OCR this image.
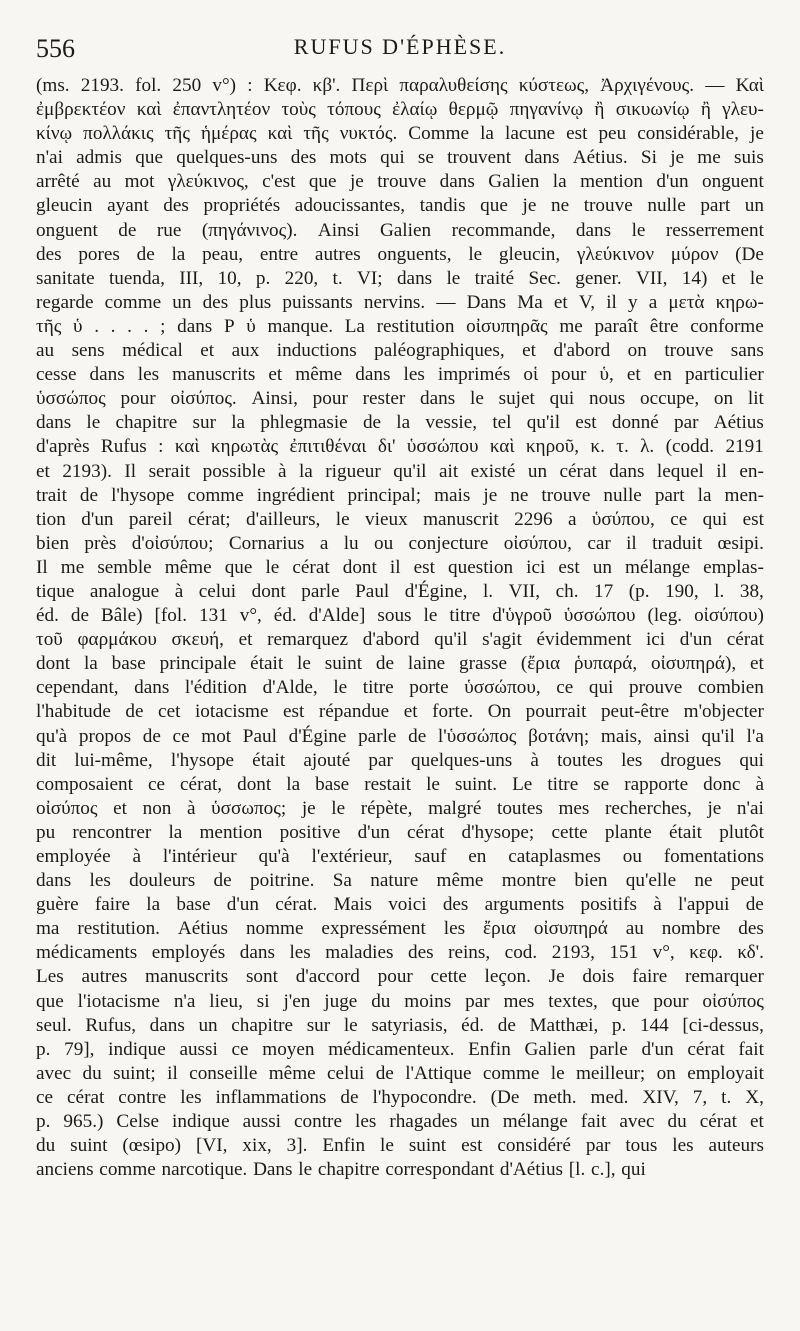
556	RUFUS D'ÉPHÈSE.
(ms. 2193. fol. 250 v°) : Κεφ. κβ'. Περὶ παραλυθείσης κύστεως, Ἀρχιγένους. — Καὶ
ἐμβρεκτέον καὶ ἐπαντλητέον τοὺς τόπους ἐλαίῳ θερμῷ πηγανίνῳ ἢ σικυωνίῳ ἢ γλευ-
κίνῳ πολλάκις τῆς ἡμέρας καὶ τῆς νυκτός. Comme la lacune est peu considérable, je
n'ai admis que quelques-uns des mots qui se trouvent dans Aétius. Si je me suis
arrêté au mot γλεύκινος, c'est que je trouve dans Galien la mention d'un onguent
gleucin ayant des propriétés adoucissantes, tandis que je ne trouve nulle part un
onguent de rue (πηγάνινος). Ainsi Galien recommande, dans le resserrement
des pores de la peau, entre autres onguents, le gleucin, γλεύκινον μύρον (De
sanitate tuenda, III, 10, p. 220, t. VI; dans le traité Sec. gener. VII, 14) et le
regarde comme un des plus puissants nervins. — Dans Ma et V, il y a μετὰ κηρω-
τῆς ὑ . . . . ; dans P ὑ manque. La restitution οἰσυπηρᾶς me paraît être conforme
au sens médical et aux inductions paléographiques, et d'abord on trouve sans
cesse dans les manuscrits et même dans les imprimés οἱ pour ὑ, et en particulier
ὑσσώπος pour οἰσύπος. Ainsi, pour rester dans le sujet qui nous occupe, on lit
dans le chapitre sur la phlegmasie de la vessie, tel qu'il est donné par Aétius
d'après Rufus : καὶ κηρωτὰς ἐπιτιθέναι δι' ὑσσώπου καὶ κηροῦ, κ. τ. λ. (codd. 2191
et 2193). Il serait possible à la rigueur qu'il ait existé un cérat dans lequel il en-
trait de l'hysope comme ingrédient principal; mais je ne trouve nulle part la men-
tion d'un pareil cérat; d'ailleurs, le vieux manuscrit 2296 a ὑσύπου, ce qui est
bien près d'οἰσύπου; Cornarius a lu ou conjecture οἰσύπου, car il traduit œsipi.
Il me semble même que le cérat dont il est question ici est un mélange emplas-
tique analogue à celui dont parle Paul d'Égine, l. VII, ch. 17 (p. 190, l. 38,
éd. de Bâle) [fol. 131 v°, éd. d'Alde] sous le titre d'ὑγροῦ ὑσσώπου (leg. οἰσύπου)
τοῦ φαρμάκου σκευή, et remarquez d'abord qu'il s'agit évidemment ici d'un cérat
dont la base principale était le suint de laine grasse (ἔρια ῥυπαρά, οἰσυπηρά), et
cependant, dans l'édition d'Alde, le titre porte ὑσσώπου, ce qui prouve combien
l'habitude de cet iotacisme est répandue et forte. On pourrait peut-être m'objecter
qu'à propos de ce mot Paul d'Égine parle de l'ὑσσώπος βοτάνη; mais, ainsi qu'il l'a
dit lui-même, l'hysope était ajouté par quelques-uns à toutes les drogues qui
composaient ce cérat, dont la base restait le suint. Le titre se rapporte donc à
οἰσύπος et non à ὑσσωπος; je le répète, malgré toutes mes recherches, je n'ai
pu rencontrer la mention positive d'un cérat d'hysope; cette plante était plutôt
employée à l'intérieur qu'à l'extérieur, sauf en cataplasmes ou fomentations
dans les douleurs de poitrine. Sa nature même montre bien qu'elle ne peut
guère faire la base d'un cérat. Mais voici des arguments positifs à l'appui de
ma restitution. Aétius nomme expressément les ἔρια οἰσυπηρά au nombre des
médicaments employés dans les maladies des reins, cod. 2193, 151 v°, κεφ. κδ'.
Les autres manuscrits sont d'accord pour cette leçon. Je dois faire remarquer
que l'iotacisme n'a lieu, si j'en juge du moins par mes textes, que pour οἰσύπος
seul. Rufus, dans un chapitre sur le satyriasis, éd. de Matthæi, p. 144 [ci-dessus,
p. 79], indique aussi ce moyen médicamenteux. Enfin Galien parle d'un cérat fait
avec du suint; il conseille même celui de l'Attique comme le meilleur; on employait
ce cérat contre les inflammations de l'hypocondre. (De meth. med. XIV, 7, t. X,
p. 965.) Celse indique aussi contre les rhagades un mélange fait avec du cérat et
du suint (œsipo) [VI, xix, 3]. Enfin le suint est considéré par tous les auteurs
anciens comme narcotique. Dans le chapitre correspondant d'Aétius [l. c.], qui
